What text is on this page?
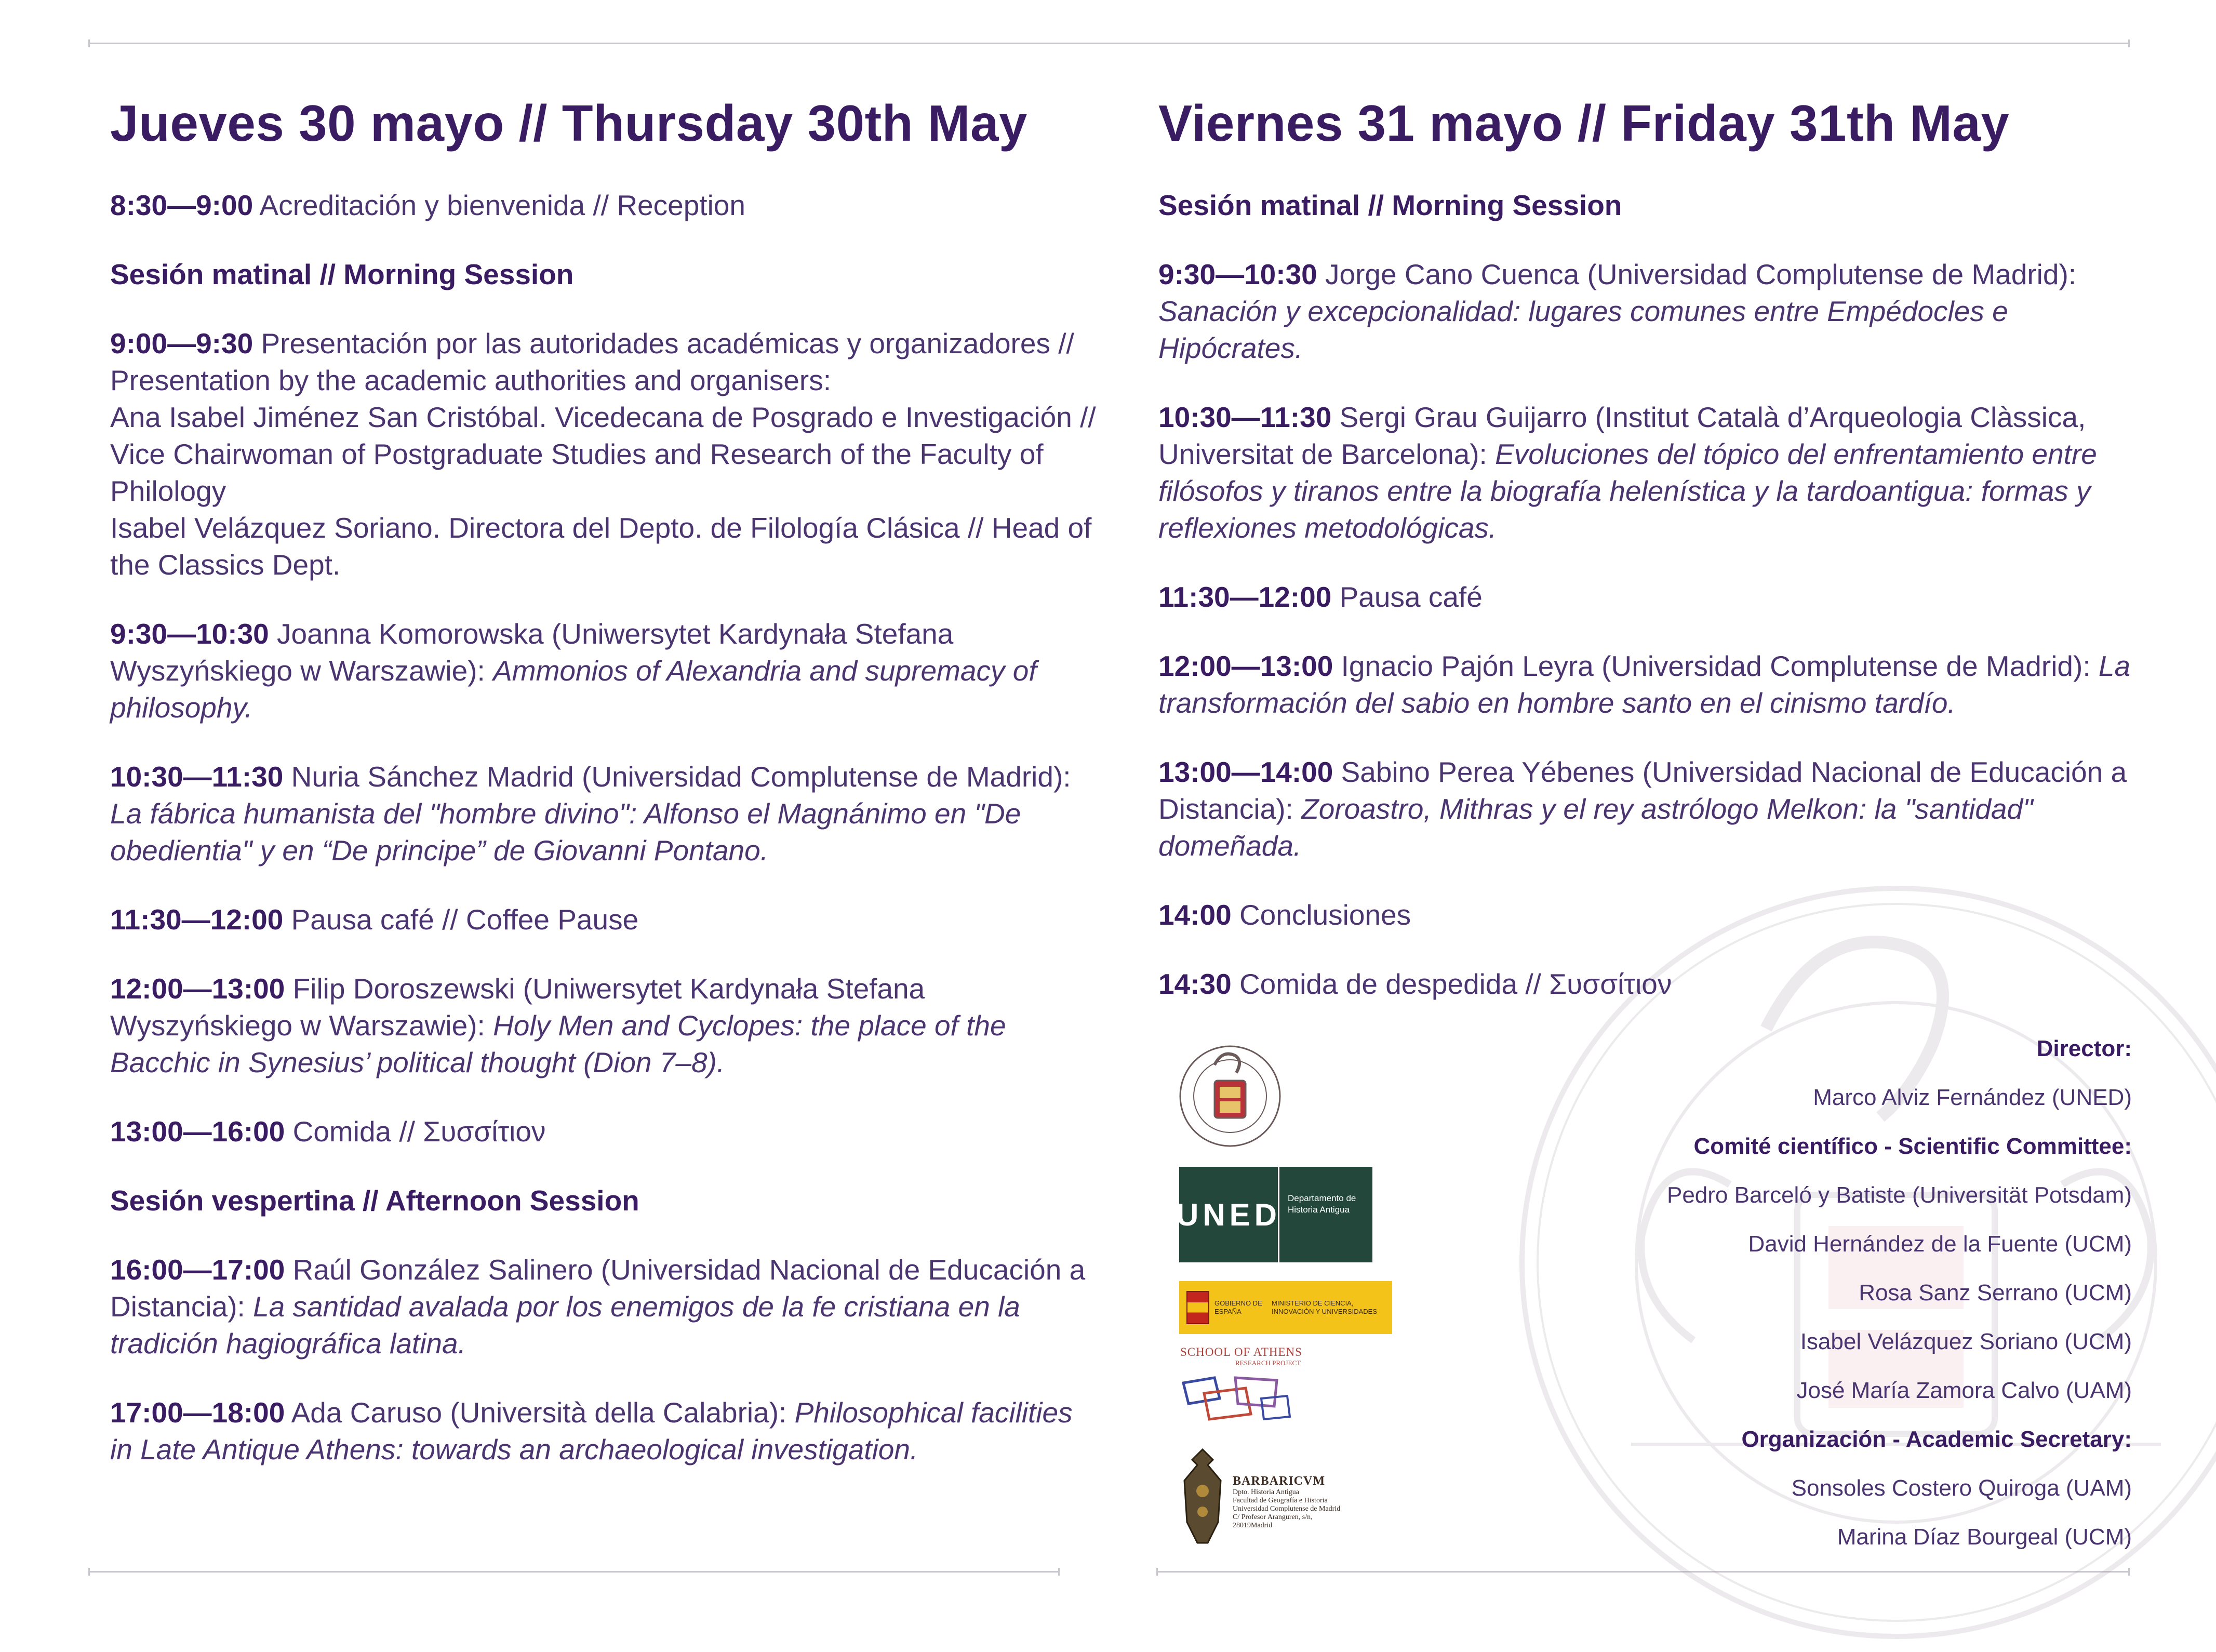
Jueves 30 mayo // Thursday 30th May

8:30—9:00 Acreditación y bienvenida // Reception

Sesión matinal // Morning Session

9:00—9:30 Presentación por las autoridades académicas y organizadores // Presentation by the academic authorities and organisers:
Ana Isabel Jiménez San Cristóbal. Vicedecana de Posgrado e Investigación // Vice Chairwoman of Postgraduate Studies and Research of the Faculty of Philology
Isabel Velázquez Soriano. Directora del Depto. de Filología Clásica // Head of the Classics Dept.

9:30—10:30 Joanna Komorowska (Uniwersytet Kardynała Stefana Wyszyńskiego w Warszawie): Ammonios of Alexandria and supremacy of philosophy.

10:30—11:30 Nuria Sánchez Madrid (Universidad Complutense de Madrid): La fábrica humanista del "hombre divino": Alfonso el Magnánimo en "De obedientia" y en “De principe” de Giovanni Pontano.

11:30—12:00 Pausa café // Coffee Pause

12:00—13:00 Filip Doroszewski (Uniwersytet Kardynała Stefana Wyszyńskiego w Warszawie): Holy Men and Cyclopes: the place of the Bacchic in Synesius’ political thought (Dion 7–8).

13:00—16:00 Comida // Συσσίτιον

Sesión vespertina // Afternoon Session

16:00—17:00 Raúl González Salinero (Universidad Nacional de Educación a Distancia): La santidad avalada por los enemigos de la fe cristiana en la tradición hagiográfica latina.

17:00—18:00 Ada Caruso (Università della Calabria): Philosophical facilities in Late Antique Athens: towards an archaeological investigation.

Viernes 31 mayo // Friday 31th May

Sesión matinal // Morning Session

9:30—10:30 Jorge Cano Cuenca (Universidad Complutense de Madrid): Sanación y excepcionalidad: lugares comunes entre Empédocles e Hipócrates.

10:30—11:30 Sergi Grau Guijarro (Institut Català d’Arqueologia Clàssica, Universitat de Barcelona): Evoluciones del tópico del enfrentamiento entre filósofos y tiranos entre la biografía helenística y la tardoantigua: formas y reflexiones metodológicas.

11:30—12:00 Pausa café

12:00—13:00 Ignacio Pajón Leyra (Universidad Complutense de Madrid): La transformación del sabio en hombre santo en el cinismo tardío.

13:00—14:00 Sabino Perea Yébenes (Universidad Nacional de Educación a Distancia): Zoroastro, Mithras y el rey astrólogo Melkon: la "santidad" domeñada.

14:00 Conclusiones

14:30 Comida de despedida // Συσσίτιον

UNED Departamento de Historia Antigua
GOBIERNO DE ESPAÑA
MINISTERIO DE CIENCIA, INNOVACIÓN Y UNIVERSIDADES
SCHOOL OF ATHENS
RESEARCH PROJECT
BARBARICVM
Dpto. Historia Antigua
Facultad de Geografía e Historia
Universidad Complutense de Madrid
C/ Profesor Aranguren, s/n,
28019Madrid
Director:
Marco Alviz Fernández (UNED)
Comité científico - Scientific Committee:
Pedro Barceló y Batiste (Universität Potsdam)
David Hernández de la Fuente (UCM)
Rosa Sanz Serrano (UCM)
Isabel Velázquez Soriano (UCM)
José María Zamora Calvo (UAM)
Organización - Academic Secretary:
Sonsoles Costero Quiroga (UAM)
Marina Díaz Bourgeal (UCM)
